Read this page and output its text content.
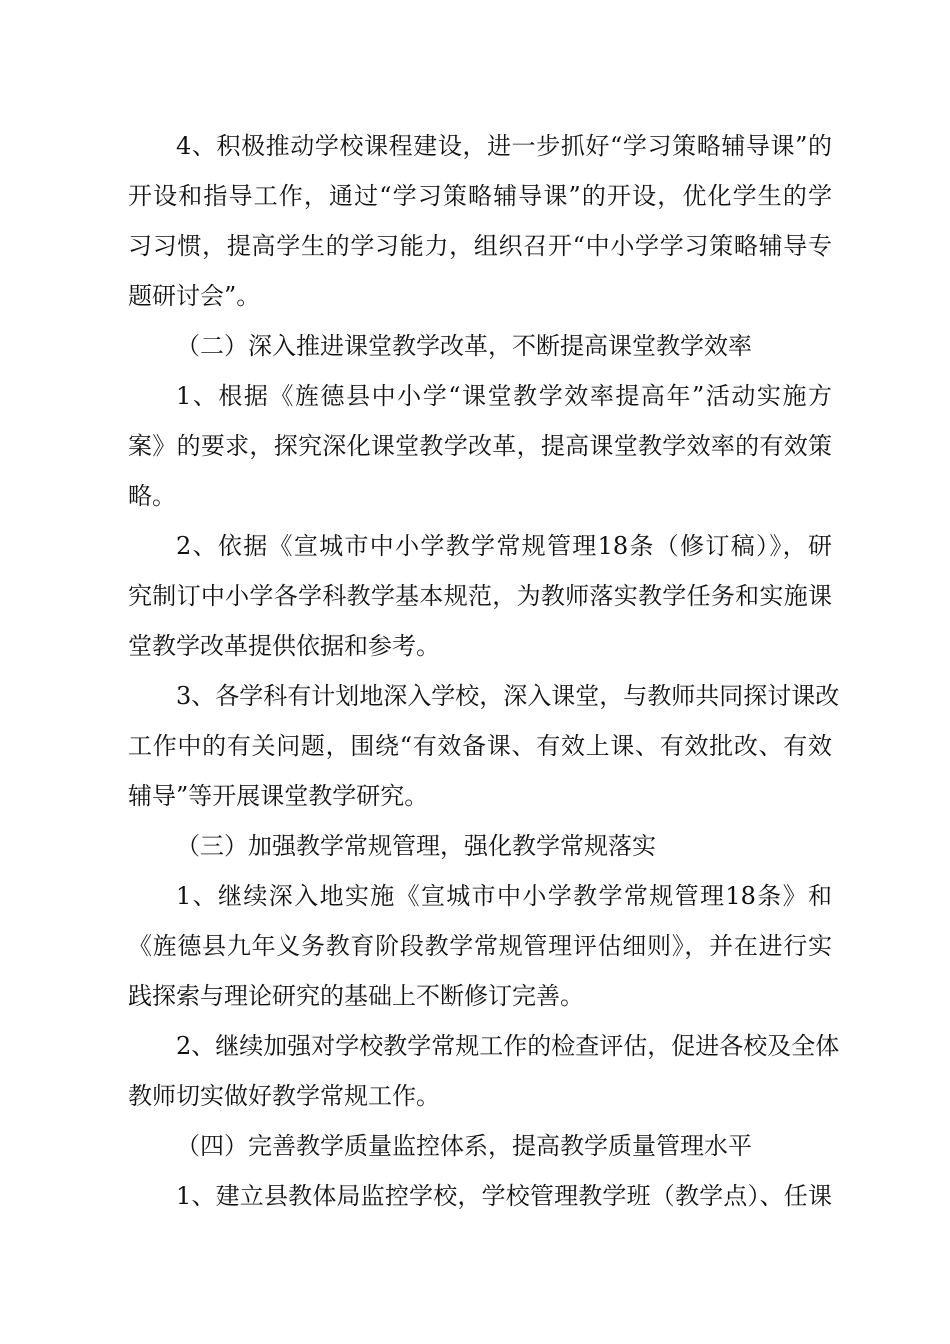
4、积极推动学校课程建设，进一步抓好“学习策略辅导课”的
开设和指导工作，通过“学习策略辅导课”的开设，优化学生的学
习习惯，提高学生的学习能力，组织召开“中小学学习策略辅导专
题研讨会”。
（二）深入推进课堂教学改革，不断提高课堂教学效率
1、根据《旌德县中小学“课堂教学效率提高年”活动实施方
案》的要求，探究深化课堂教学改革，提高课堂教学效率的有效策
略。
2、依据《宣城市中小学教学常规管理18条（修订稿）》，研
究制订中小学各学科教学基本规范，为教师落实教学任务和实施课
堂教学改革提供依据和参考。
3、各学科有计划地深入学校，深入课堂，与教师共同探讨课改
工作中的有关问题，围绕“有效备课、有效上课、有效批改、有效
辅导”等开展课堂教学研究。
（三）加强教学常规管理，强化教学常规落实
1、继续深入地实施《宣城市中小学教学常规管理18条》和
《旌德县九年义务教育阶段教学常规管理评估细则》，并在进行实
践探索与理论研究的基础上不断修订完善。
2、继续加强对学校教学常规工作的检查评估，促进各校及全体
教师切实做好教学常规工作。
（四）完善教学质量监控体系，提高教学质量管理水平
1、建立县教体局监控学校，学校管理教学班（教学点）、任课
